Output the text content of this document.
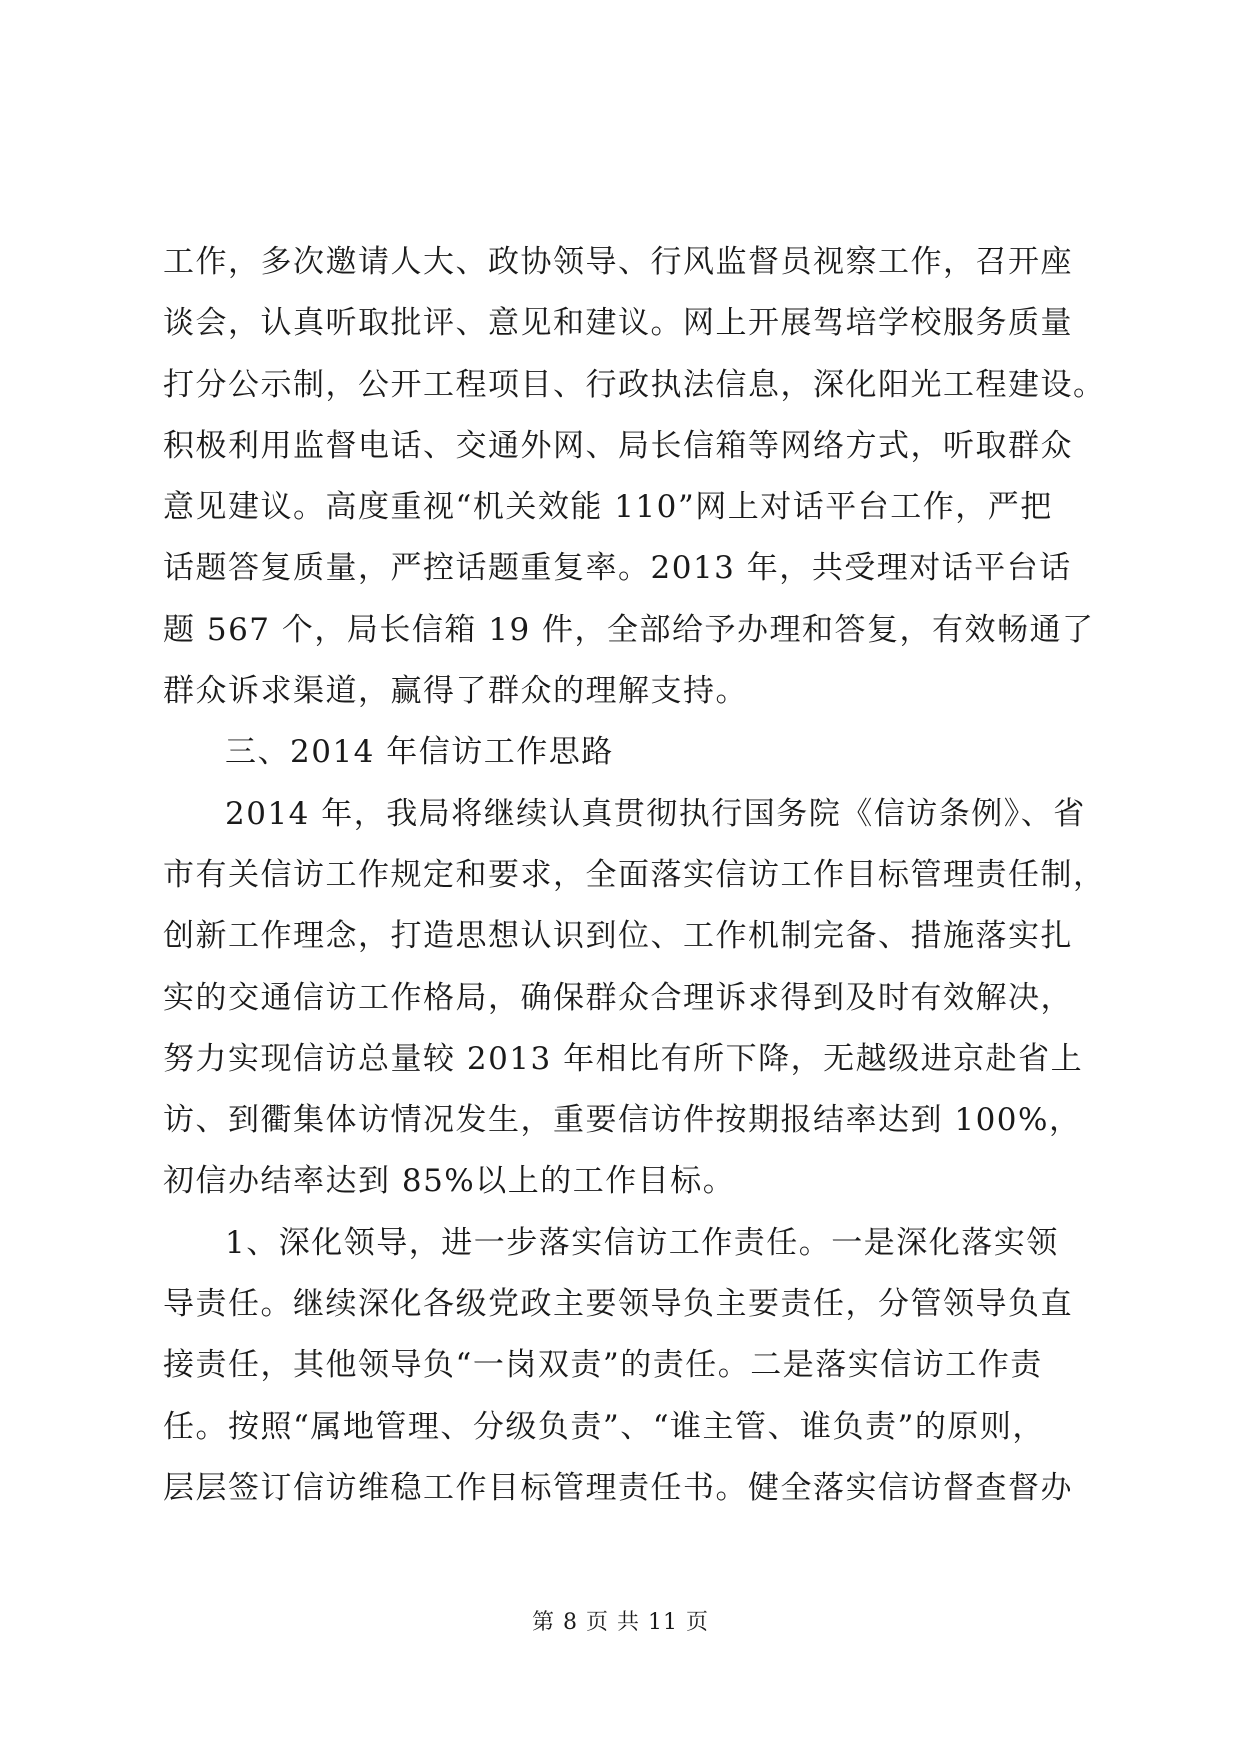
工作，多次邀请人大、政协领导、行风监督员视察工作，召开座
谈会，认真听取批评、意见和建议。网上开展驾培学校服务质量
打分公示制，公开工程项目、行政执法信息，深化阳光工程建设。
积极利用监督电话、交通外网、局长信箱等网络方式，听取群众
意见建议。高度重视“机关效能 110”网上对话平台工作，严把
话题答复质量，严控话题重复率。2013 年，共受理对话平台话
题 567 个，局长信箱 19 件，全部给予办理和答复，有效畅通了
群众诉求渠道，赢得了群众的理解支持。
三、2014 年信访工作思路
2014 年，我局将继续认真贯彻执行国务院《信访条例》、省
市有关信访工作规定和要求，全面落实信访工作目标管理责任制，
创新工作理念，打造思想认识到位、工作机制完备、措施落实扎
实的交通信访工作格局，确保群众合理诉求得到及时有效解决，
努力实现信访总量较 2013 年相比有所下降，无越级进京赴省上
访、到衢集体访情况发生，重要信访件按期报结率达到 100%，
初信办结率达到 85%以上的工作目标。
1、深化领导，进一步落实信访工作责任。一是深化落实领
导责任。继续深化各级党政主要领导负主要责任，分管领导负直
接责任，其他领导负“一岗双责”的责任。二是落实信访工作责
任。按照“属地管理、分级负责”、“谁主管、谁负责”的原则，
层层签订信访维稳工作目标管理责任书。健全落实信访督查督办
第 8 页 共 11 页
